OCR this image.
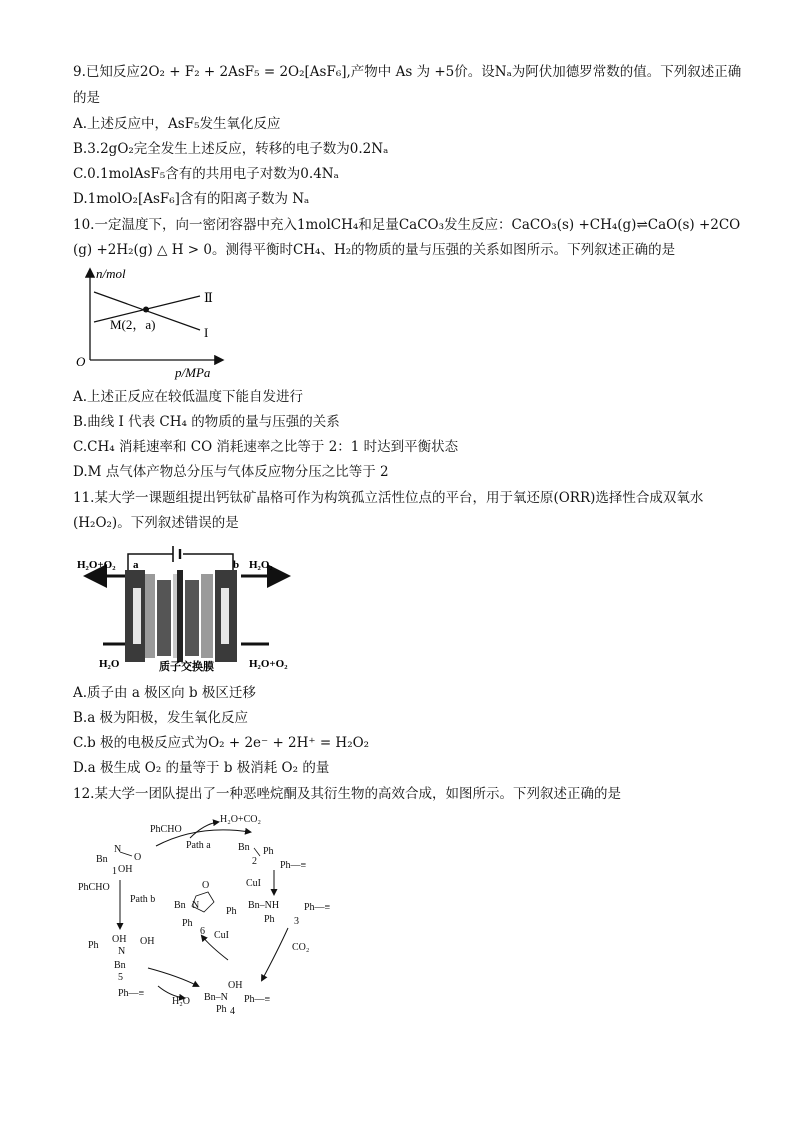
9.已知反应2O₂ + F₂ + 2AsF₅ = 2O₂[AsF₆],产物中 As 为 +5价。设Nₐ为阿伏加德罗常数的值。下列叙述正确
的是
A.上述反应中，AsF₅发生氧化反应
B.3.2gO₂完全发生上述反应，转移的电子数为0.2Nₐ
C.0.1molAsF₅含有的共用电子对数为0.4Nₐ
D.1molO₂[AsF₆]含有的阳离子数为 Nₐ
10.一定温度下，向一密闭容器中充入1molCH₄和足量CaCO₃发生反应：CaCO₃(s) +CH₄(g)⇌CaO(s) +2CO
(g) +2H₂(g) △ H > 0。测得平衡时CH₄、H₂的物质的量与压强的关系如图所示。下列叙述正确的是
n/mol
p/MPa
O
M(2，a)
I
Ⅱ
A.上述正反应在较低温度下能自发进行
B.曲线 I 代表 CH₄ 的物质的量与压强的关系
C.CH₄ 消耗速率和 CO 消耗速率之比等于 2：1 时达到平衡状态
D.M 点气体产物总分压与气体反应物分压之比等于 2
11.某大学一课题组提出钙钛矿晶格可作为构筑孤立活性位点的平台，用于氧还原(ORR)选择性合成双氧水
(H₂O₂)。下列叙述错误的是
H₂O+O₂ a	b H₂O₂
H₂O	质子交换膜	H₂O+O₂
A.质子由 a 极区向 b 极区迁移
B.a 极为阳极，发生氧化反应
C.b 极的电极反应式为O₂ + 2e⁻ + 2H⁺ = H₂O₂
D.a 极生成 O₂ 的量等于 b 极消耗 O₂ 的量
12.某大学一团队提出了一种恶唑烷酮及其衍生物的高效合成，如图所示。下列叙述正确的是
PhCHO
H₂O+CO₂
Path a
N
Bn	O
OH
1
Bn Ph
2 Ph—≡
CuI
Bn–NH
Ph
Ph—≡
3
CO₂
OH
Bn–N
Ph
Ph—≡
4
O
Bn N
Ph
Ph
6 CuI
PhCHO
Path b
OH OH
Ph
N
Bn
5
Ph—≡
H₂O
